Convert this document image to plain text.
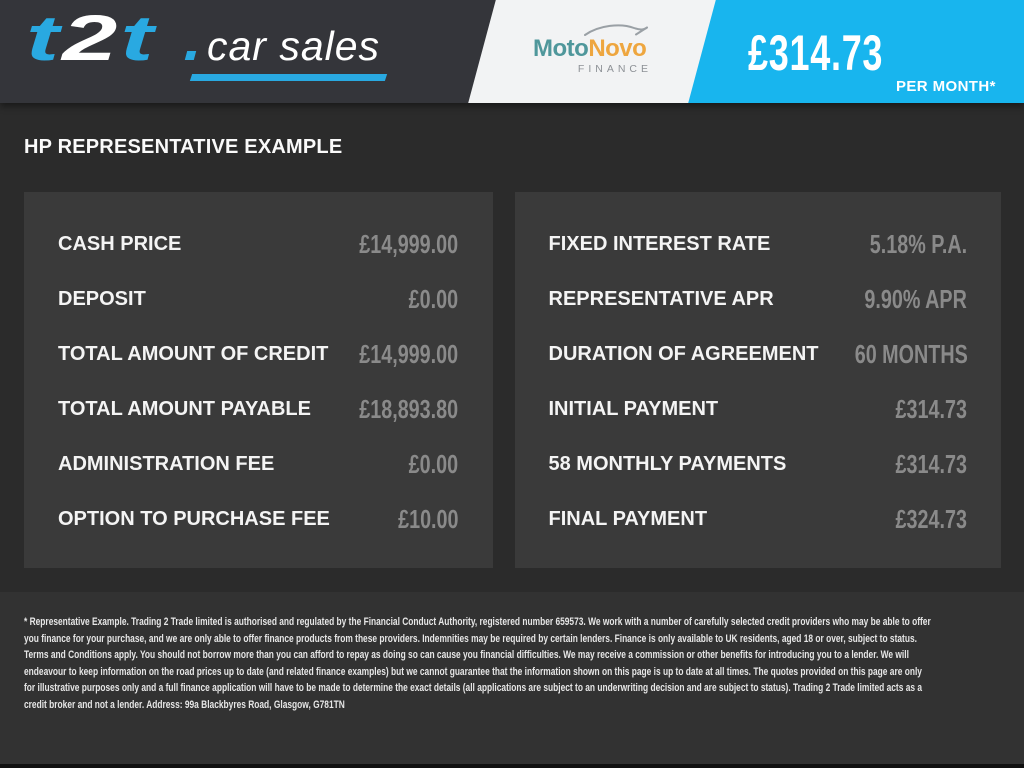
t2t	car sales	MotoNovo
FINANCE £314.73
PER MONTH*
HP REPRESENTATIVE EXAMPLE
CASH PRICE	£14,999.00
DEPOSIT	£0.00
TOTAL AMOUNT OF CREDIT £14,999.00
TOTAL AMOUNT PAYABLE £18,893.80
ADMINISTRATION FEE	£0.00
OPTION TO PURCHASE FEE	£10.00
FIXED INTEREST RATE	5.18% P.A.
REPRESENTATIVE APR	9.90% APR
DURATION OF AGREEMENT 60 MONTHS
INITIAL PAYMENT	£314.73
58 MONTHLY PAYMENTS	£314.73
FINAL PAYMENT	£324.73

* Representative Example. Trading 2 Trade limited is authorised and regulated by the Financial Conduct Authority, registered number 659573. We work with a number of carefully selected credit providers who may be able to offer you finance for your purchase, and we are only able to offer finance products from these providers. Indemnities may be required by certain lenders. Finance is only available to UK residents, aged 18 or over, subject to status. Terms and Conditions apply. You should not borrow more than you can afford to repay as doing so can cause you financial difficulties. We may receive a commission or other benefits for introducing you to a lender. We will endeavour to keep information on the road prices up to date (and related finance examples) but we cannot guarantee that the information shown on this page is up to date at all times. The quotes provided on this page are only for illustrative purposes only and a full finance application will have to be made to determine the exact details (all applications are subject to an underwriting decision and are subject to status). Trading 2 Trade limited acts as a credit broker and not a lender. Address: 99a Blackbyres Road, Glasgow, G781TN
